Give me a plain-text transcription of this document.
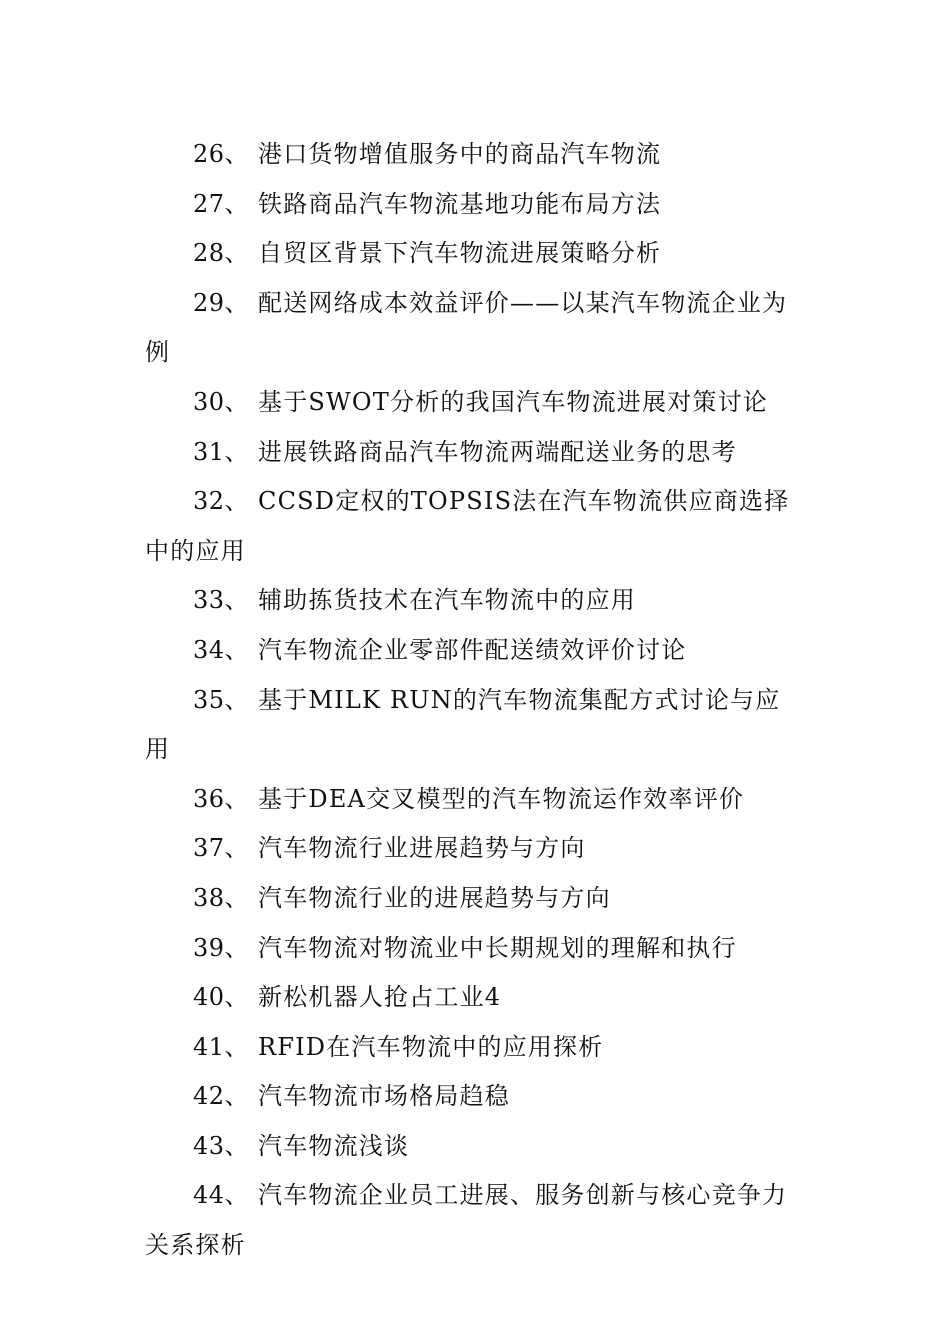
26、 港口货物增值服务中的商品汽车物流

27、 铁路商品汽车物流基地功能布局方法

28、 自贸区背景下汽车物流进展策略分析

29、 配送网络成本效益评价——以某汽车物流企业为例

30、 基于SWOT分析的我国汽车物流进展对策讨论

31、 进展铁路商品汽车物流两端配送业务的思考

32、 CCSD定权的TOPSIS法在汽车物流供应商选择中的应用

33、 辅助拣货技术在汽车物流中的应用

34、 汽车物流企业零部件配送绩效评价讨论

35、 基于MILK RUN的汽车物流集配方式讨论与应用

36、 基于DEA交叉模型的汽车物流运作效率评价

37、 汽车物流行业进展趋势与方向

38、 汽车物流行业的进展趋势与方向

39、 汽车物流对物流业中长期规划的理解和执行

40、 新松机器人抢占工业4

41、 RFID在汽车物流中的应用探析

42、 汽车物流市场格局趋稳

43、 汽车物流浅谈

44、 汽车物流企业员工进展、服务创新与核心竞争力关系探析
